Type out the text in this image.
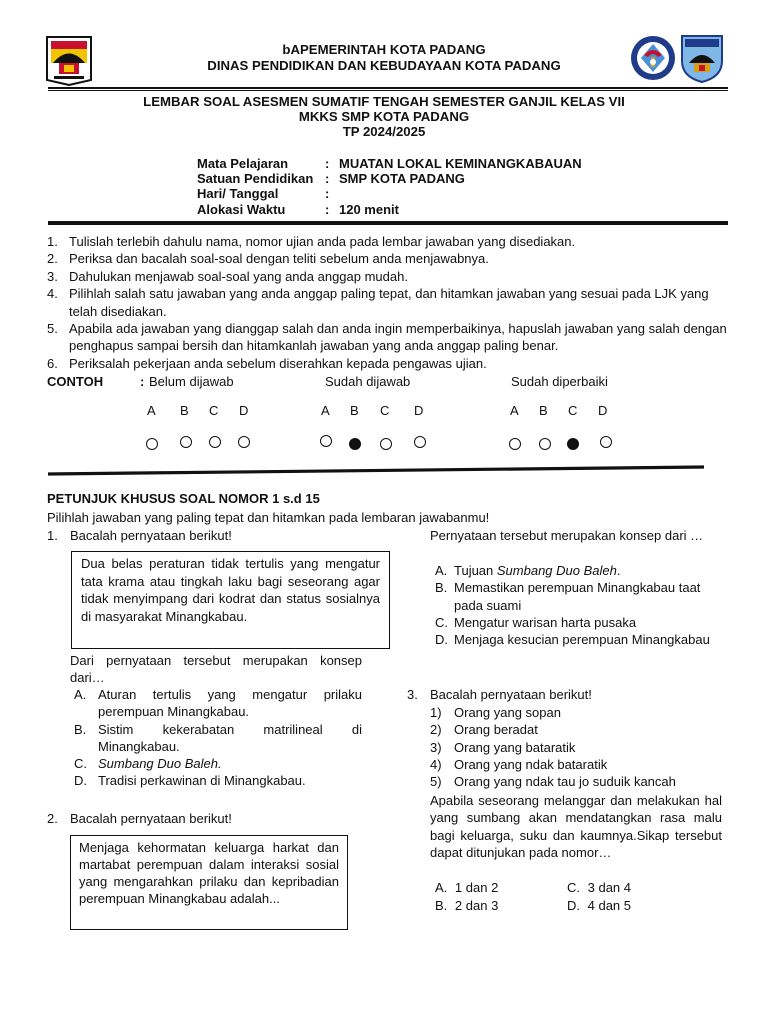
bAPEMERINTAH KOTA PADANG
DINAS PENDIDIKAN DAN KEBUDAYAAN KOTA PADANG
LEMBAR SOAL ASESMEN SUMATIF TENGAH SEMESTER GANJIL KELAS VII
MKKS SMP KOTA PADANG
TP 2024/2025
Mata Pelajaran	: MUATAN LOKAL KEMINANGKABAUAN
Satuan Pendidikan : SMP KOTA PADANG
Hari/ Tanggal	:
Alokasi Waktu	: 120 menit
1. Tulislah terlebih dahulu nama, nomor ujian anda pada lembar jawaban yang disediakan.
2. Periksa dan bacalah soal-soal dengan teliti sebelum anda menjawabnya.
3. Dahulukan menjawab soal-soal yang anda anggap mudah.
4. Pilihlah salah satu jawaban yang anda anggap paling tepat, dan hitamkan jawaban yang sesuai pada LJK yang telah disediakan.
5. Apabila ada jawaban yang dianggap salah dan anda ingin memperbaikinya, hapuslah jawaban yang salah dengan penghapus sampai bersih dan hitamkanlah jawaban yang anda anggap paling benar.
6. Periksalah pekerjaan anda sebelum diserahkan kepada pengawas ujian.
CONTOH	: Belum dijawab	Sudah dijawab	Sudah diperbaiki
A B C D	A B C D	A B C D
PETUNJUK KHUSUS SOAL NOMOR 1 s.d 15
Pilihlah jawaban yang paling tepat dan hitamkan pada lembaran jawabanmu!
1. Bacalah pernyataan berikut!
Dua belas peraturan tidak tertulis yang mengatur tata krama atau tingkah laku bagi seseorang agar tidak menyimpang dari kodrat dan status sosialnya di masyarakat Minangkabau.
Dari pernyataan tersebut merupakan konsep dari…
A. Aturan tertulis yang mengatur prilaku perempuan Minangkabau.
B. Sistim kekerabatan matrilineal di Minangkabau.
C. Sumbang Duo Baleh.
D. Tradisi perkawinan di Minangkabau.
2. Bacalah pernyataan berikut!
Menjaga kehormatan keluarga harkat dan martabat perempuan dalam interaksi sosial yang mengarahkan prilaku dan kepribadian perempuan Minangkabau adalah...
Pernyataan tersebut merupakan konsep dari …
A. Tujuan Sumbang Duo Baleh.
B. Memastikan perempuan Minangkabau taat pada suami
C. Mengatur warisan harta pusaka
D. Menjaga kesucian perempuan Minangkabau
3. Bacalah pernyataan berikut!
1) Orang yang sopan
2) Orang beradat
3) Orang yang bataratik
4) Orang yang ndak bataratik
5) Orang yang ndak tau jo suduik kancah
Apabila seseorang melanggar dan melakukan hal yang sumbang akan mendatangkan rasa malu bagi keluarga, suku dan kaumnya.Sikap tersebut dapat ditunjukan pada nomor…
A. 1 dan 2	C. 3 dan 4
B. 2 dan 3	D. 4 dan 5
